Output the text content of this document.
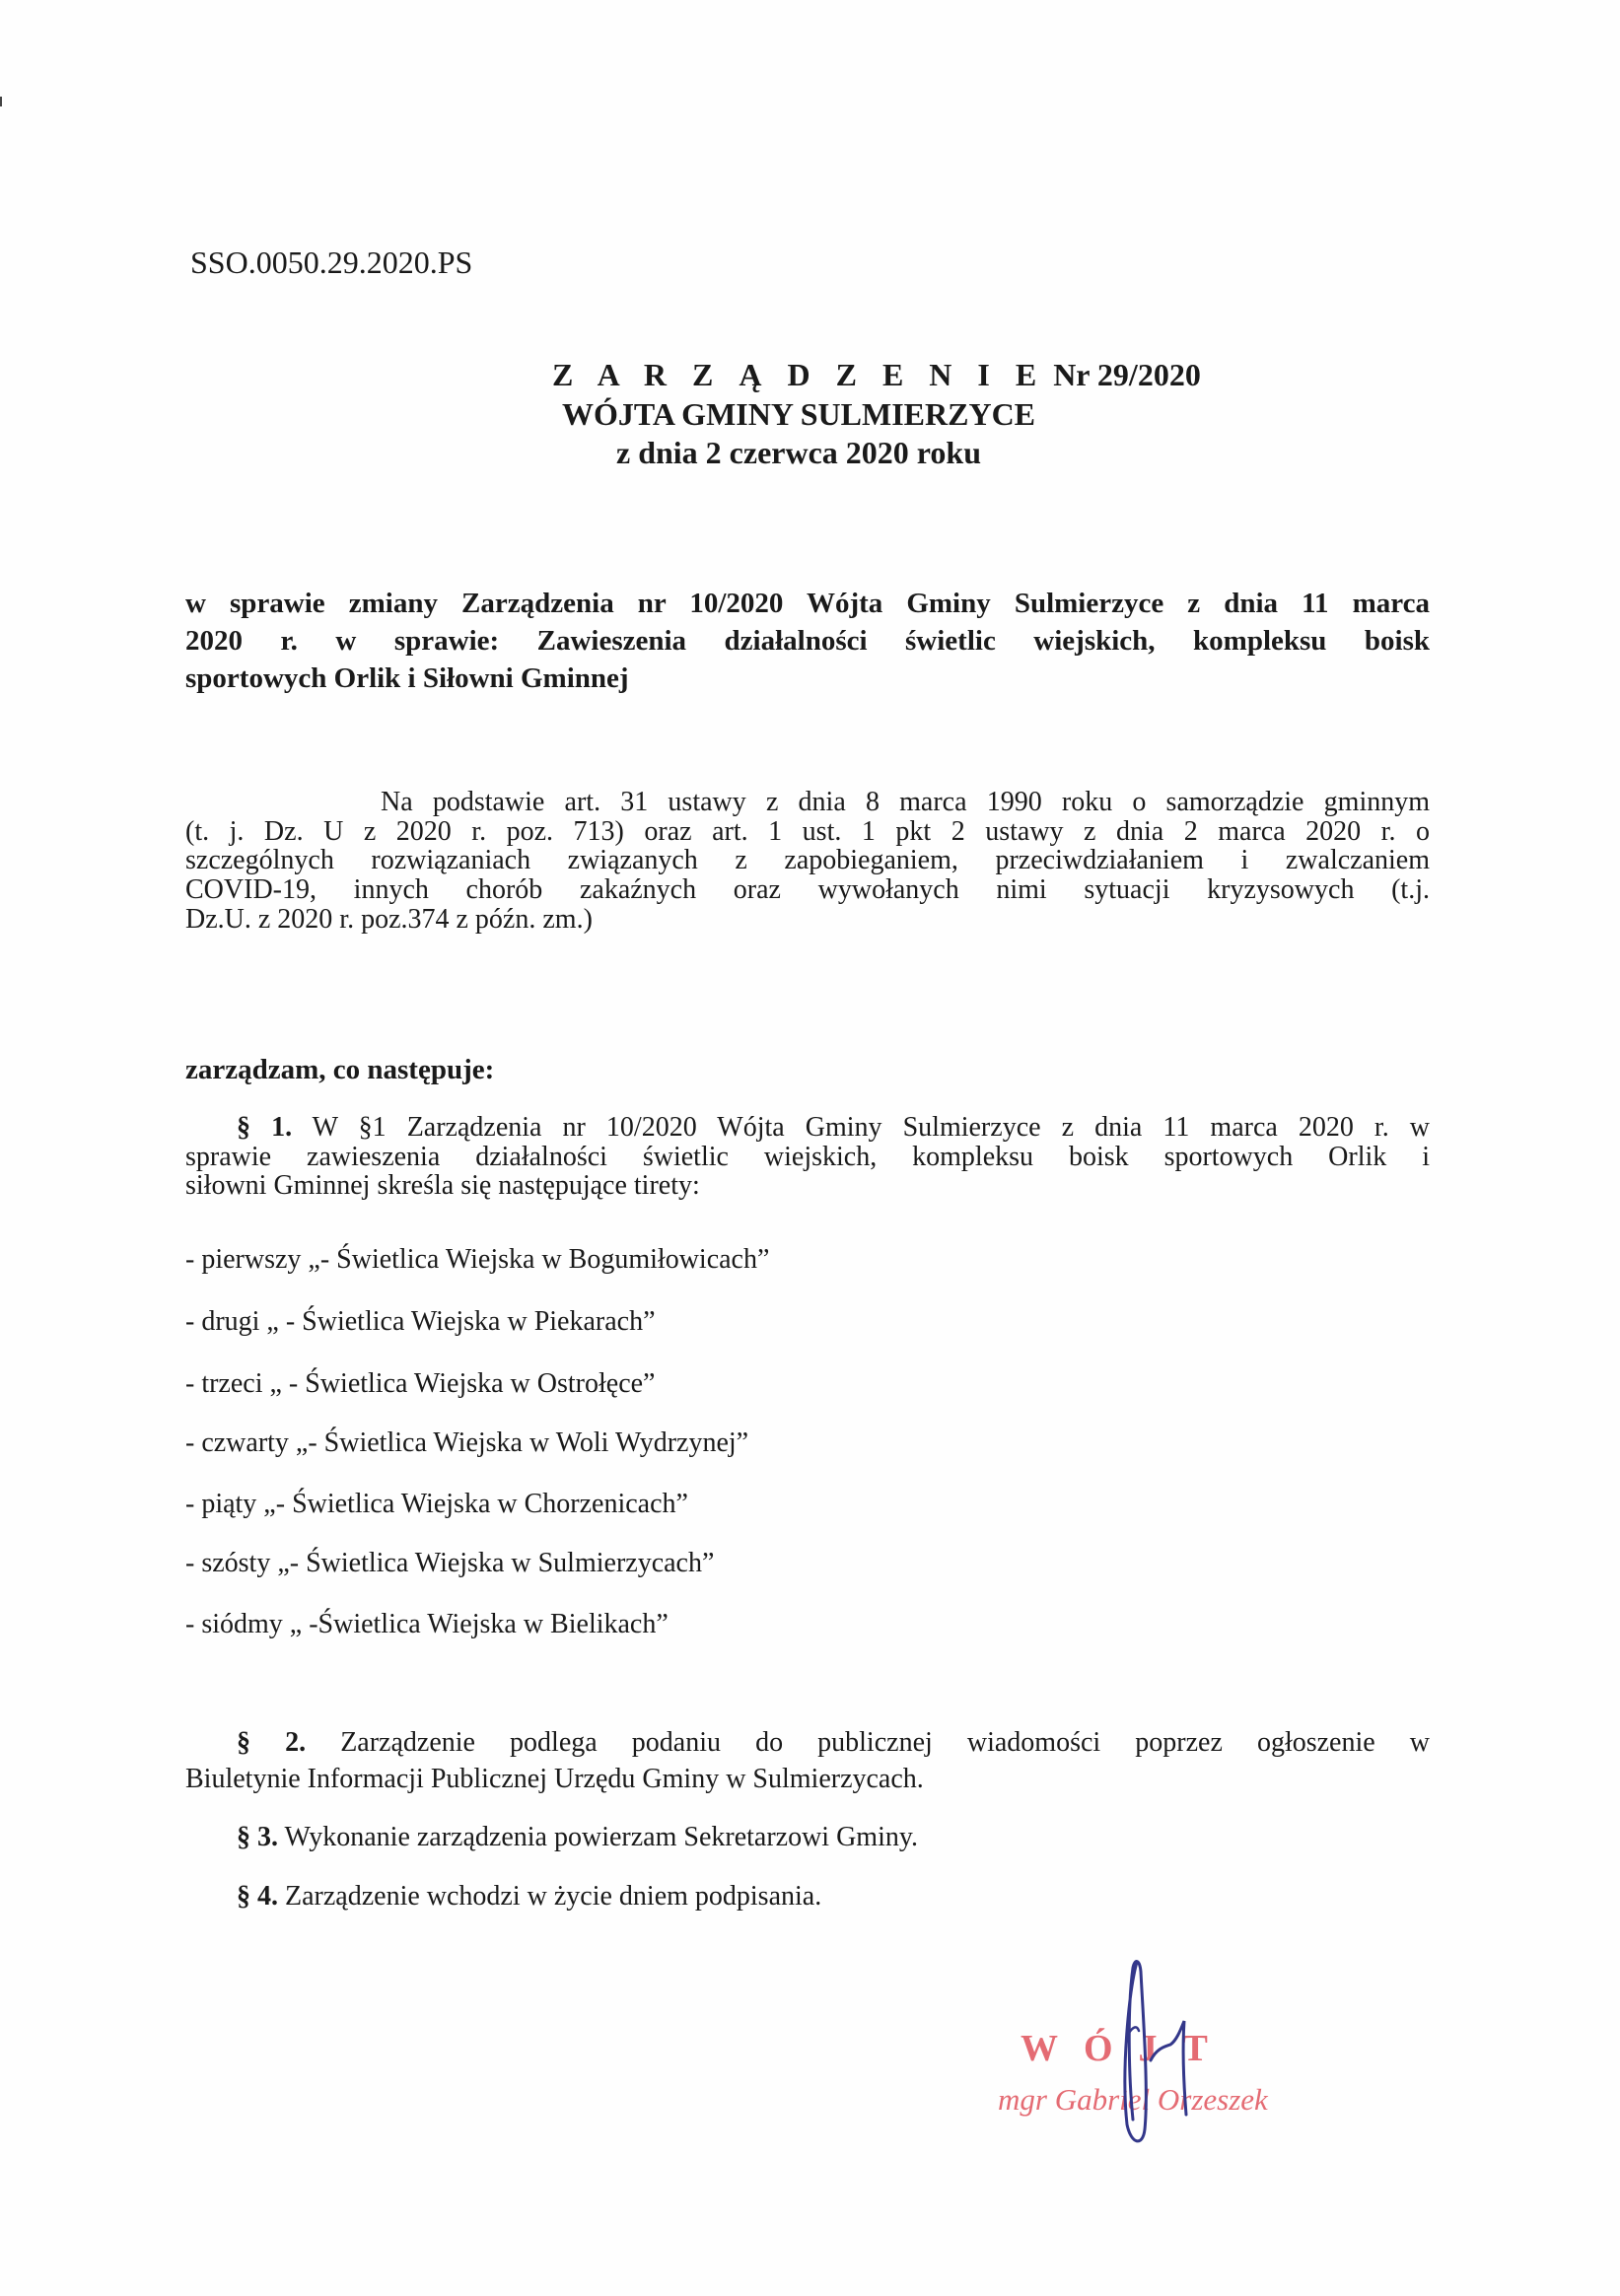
SSO.0050.29.2020.PS
Z A R Z Ą D Z E N I E Nr 29/2020
WÓJTA GMINY SULMIERZYCE
z dnia 2 czerwca 2020 roku
w sprawie zmiany Zarządzenia nr 10/2020 Wójta Gminy Sulmierzyce z dnia 11 marca
2020 r. w sprawie: Zawieszenia działalności świetlic wiejskich, kompleksu boisk
sportowych Orlik i Siłowni Gminnej
Na podstawie art. 31 ustawy z dnia 8 marca 1990 roku o samorządzie gminnym
(t. j. Dz. U z 2020 r. poz. 713) oraz art. 1 ust. 1 pkt 2 ustawy z dnia 2 marca 2020 r. o
szczególnych rozwiązaniach związanych z zapobieganiem, przeciwdziałaniem i zwalczaniem
COVID-19, innych chorób zakaźnych oraz wywołanych nimi sytuacji kryzysowych (t.j.
Dz.U. z 2020 r. poz.374 z późn. zm.)
zarządzam, co następuje:
§ 1. W §1 Zarządzenia nr 10/2020 Wójta Gminy Sulmierzyce z dnia 11 marca 2020 r. w
sprawie zawieszenia działalności świetlic wiejskich, kompleksu boisk sportowych Orlik i
siłowni Gminnej skreśla się następujące tirety:
- pierwszy „- Świetlica Wiejska w Bogumiłowicach”
- drugi „ - Świetlica Wiejska w Piekarach”
- trzeci „ - Świetlica Wiejska w Ostrołęce”
- czwarty „- Świetlica Wiejska w Woli Wydrzynej”
- piąty „- Świetlica Wiejska w Chorzenicach”
- szósty „- Świetlica Wiejska w Sulmierzycach”
- siódmy „ -Świetlica Wiejska w Bielikach”
§ 2. Zarządzenie podlega podaniu do publicznej wiadomości poprzez ogłoszenie w
Biuletynie Informacji Publicznej Urzędu Gminy w Sulmierzycach.
§ 3. Wykonanie zarządzenia powierzam Sekretarzowi Gminy.
§ 4. Zarządzenie wchodzi w życie dniem podpisania.
WÓJT
mgr Gabriel Orzeszek
